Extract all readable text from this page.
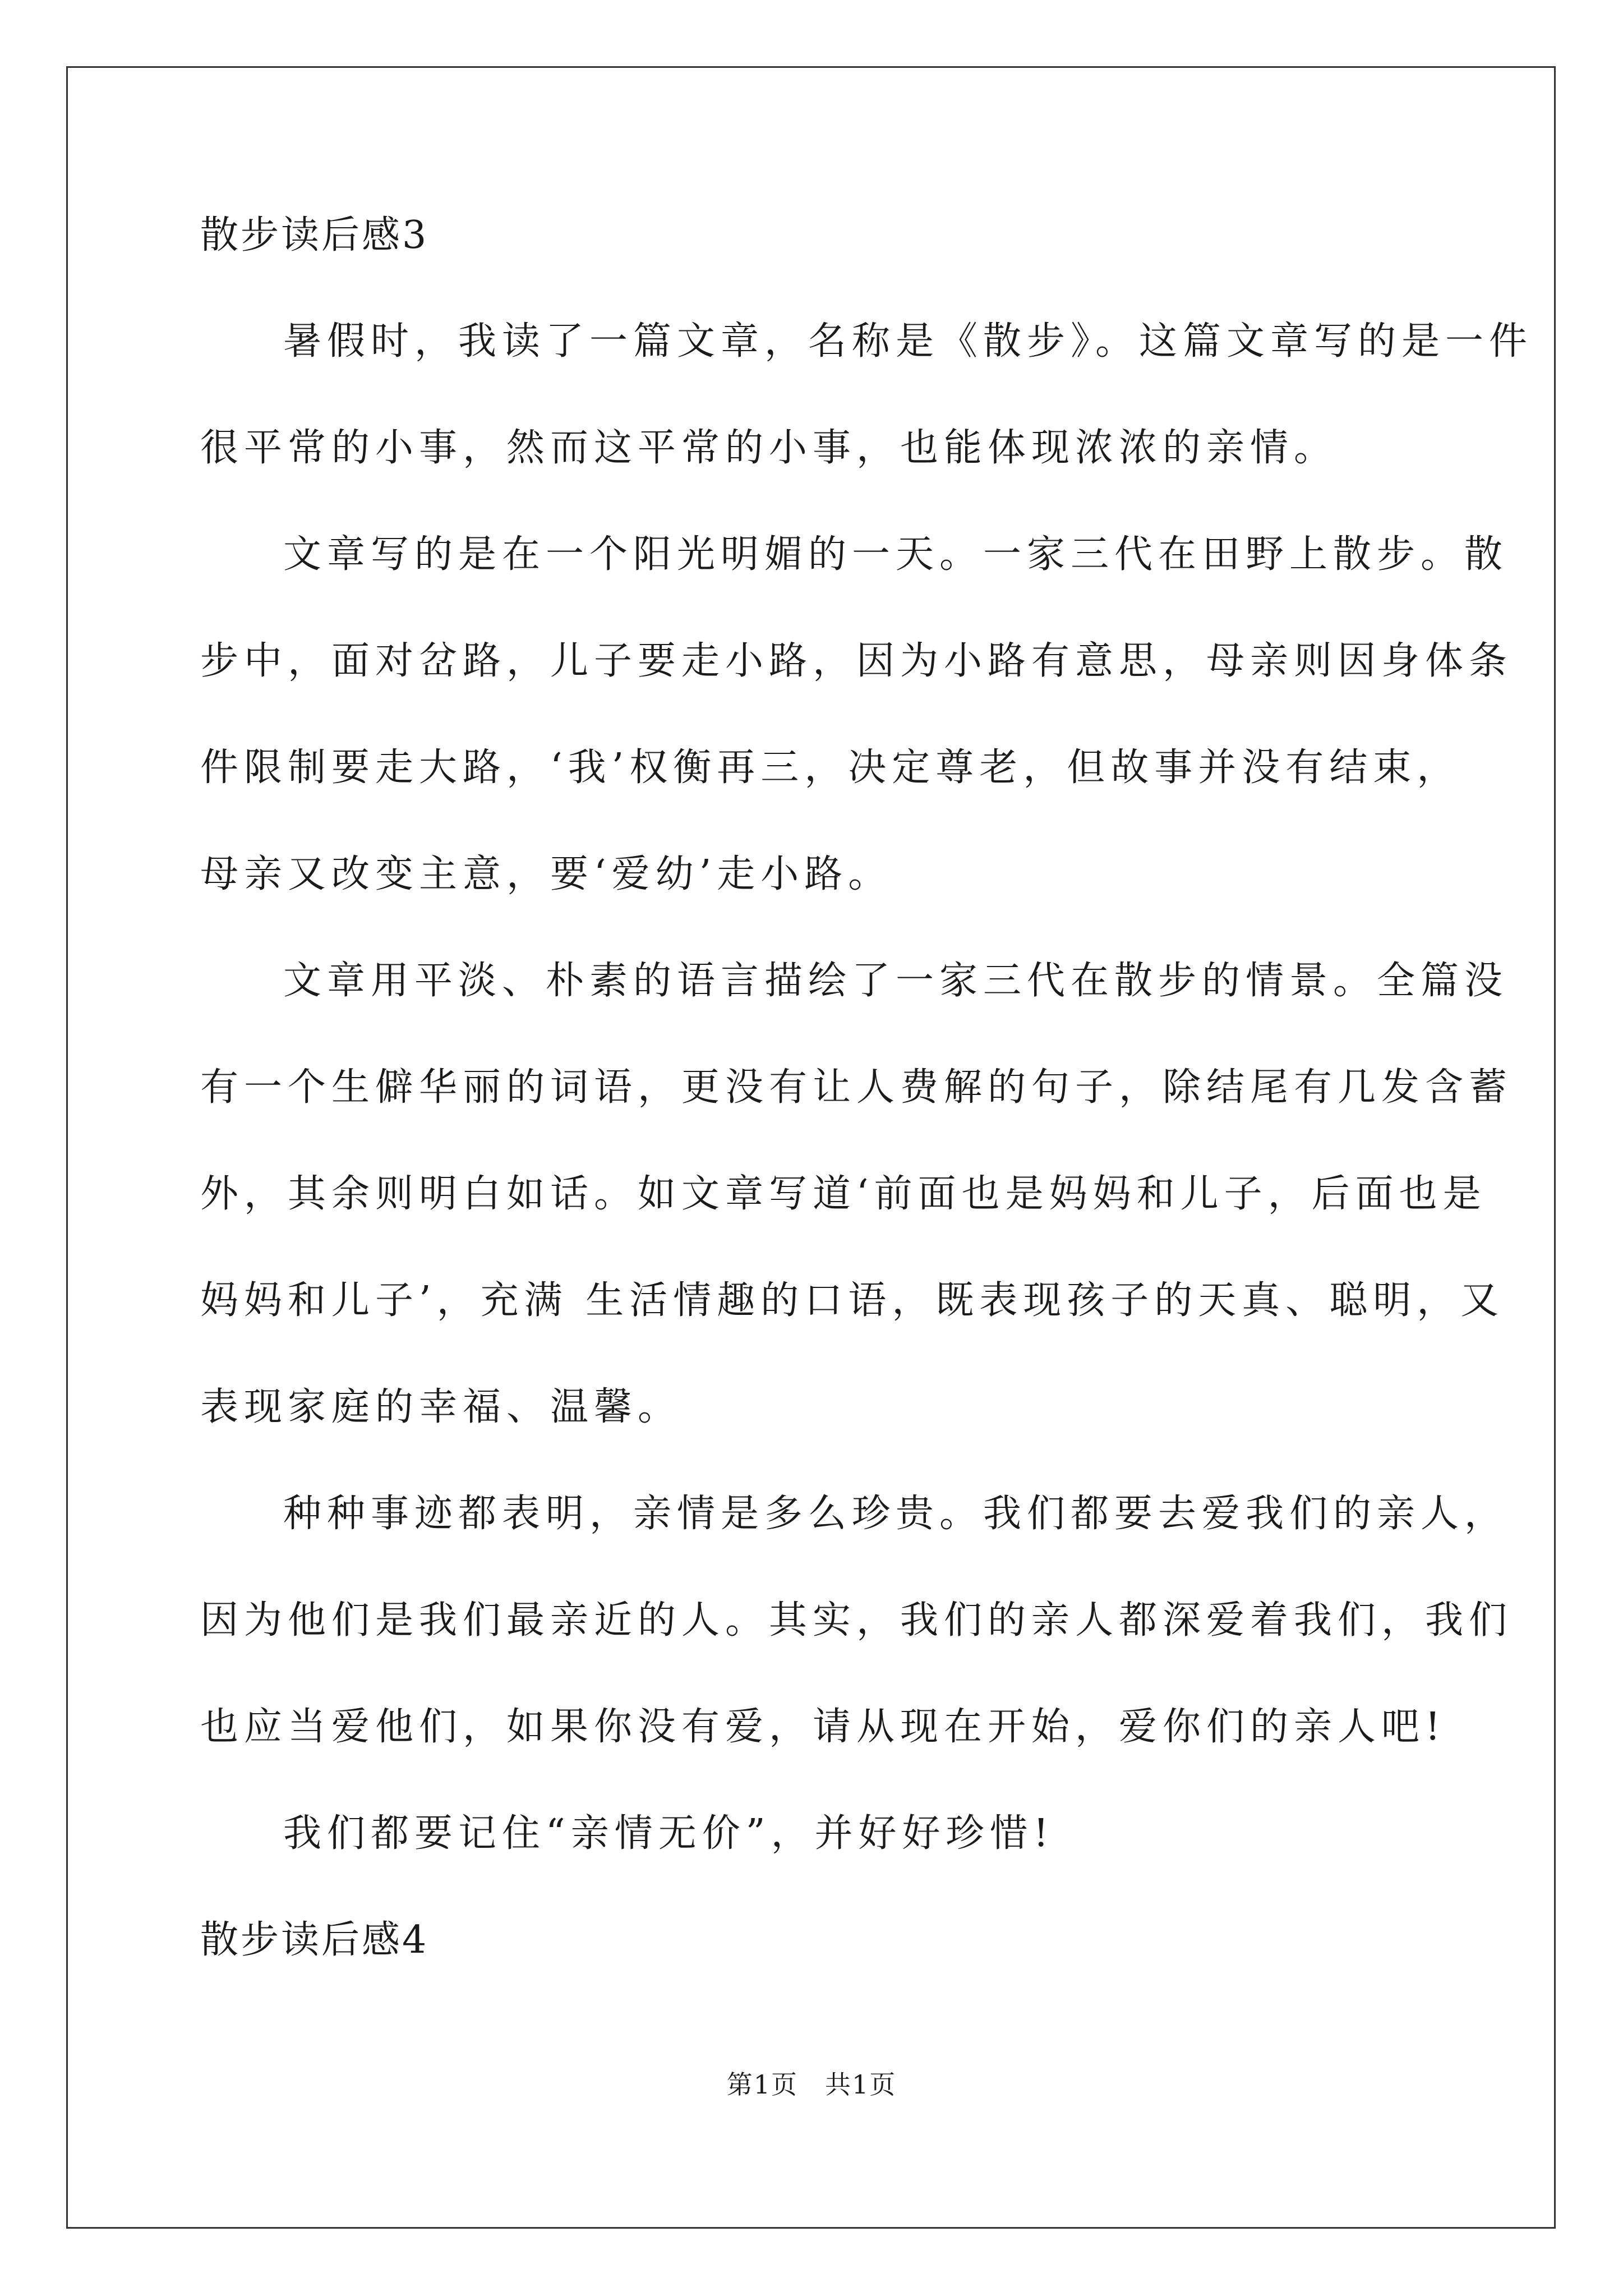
散步读后感3

暑假时，我读了一篇文章，名称是《散步》。这篇文章写的是一件

很平常的小事，然而这平常的小事，也能体现浓浓的亲情。

文章写的是在一个阳光明媚的一天。一家三代在田野上散步。散

步中，面对岔路，儿子要走小路，因为小路有意思，母亲则因身体条

件限制要走大路，‘我’权衡再三，决定尊老，但故事并没有结束，

母亲又改变主意，要‘爱幼’走小路。

文章用平淡、朴素的语言描绘了一家三代在散步的情景。全篇没

有一个生僻华丽的词语，更没有让人费解的句子，除结尾有几发含蓄

外，其余则明白如话。如文章写道‘前面也是妈妈和儿子，后面也是

妈妈和儿子’，充满 生活情趣的口语，既表现孩子的天真、聪明，又

表现家庭的幸福、温馨。

种种事迹都表明，亲情是多么珍贵。我们都要去爱我们的亲人，

因为他们是我们最亲近的人。其实，我们的亲人都深爱着我们，我们

也应当爱他们，如果你没有爱，请从现在开始，爱你们的亲人吧!

我们都要记住“亲情无价”，并好好珍惜!

散步读后感4

第1页　共1页
